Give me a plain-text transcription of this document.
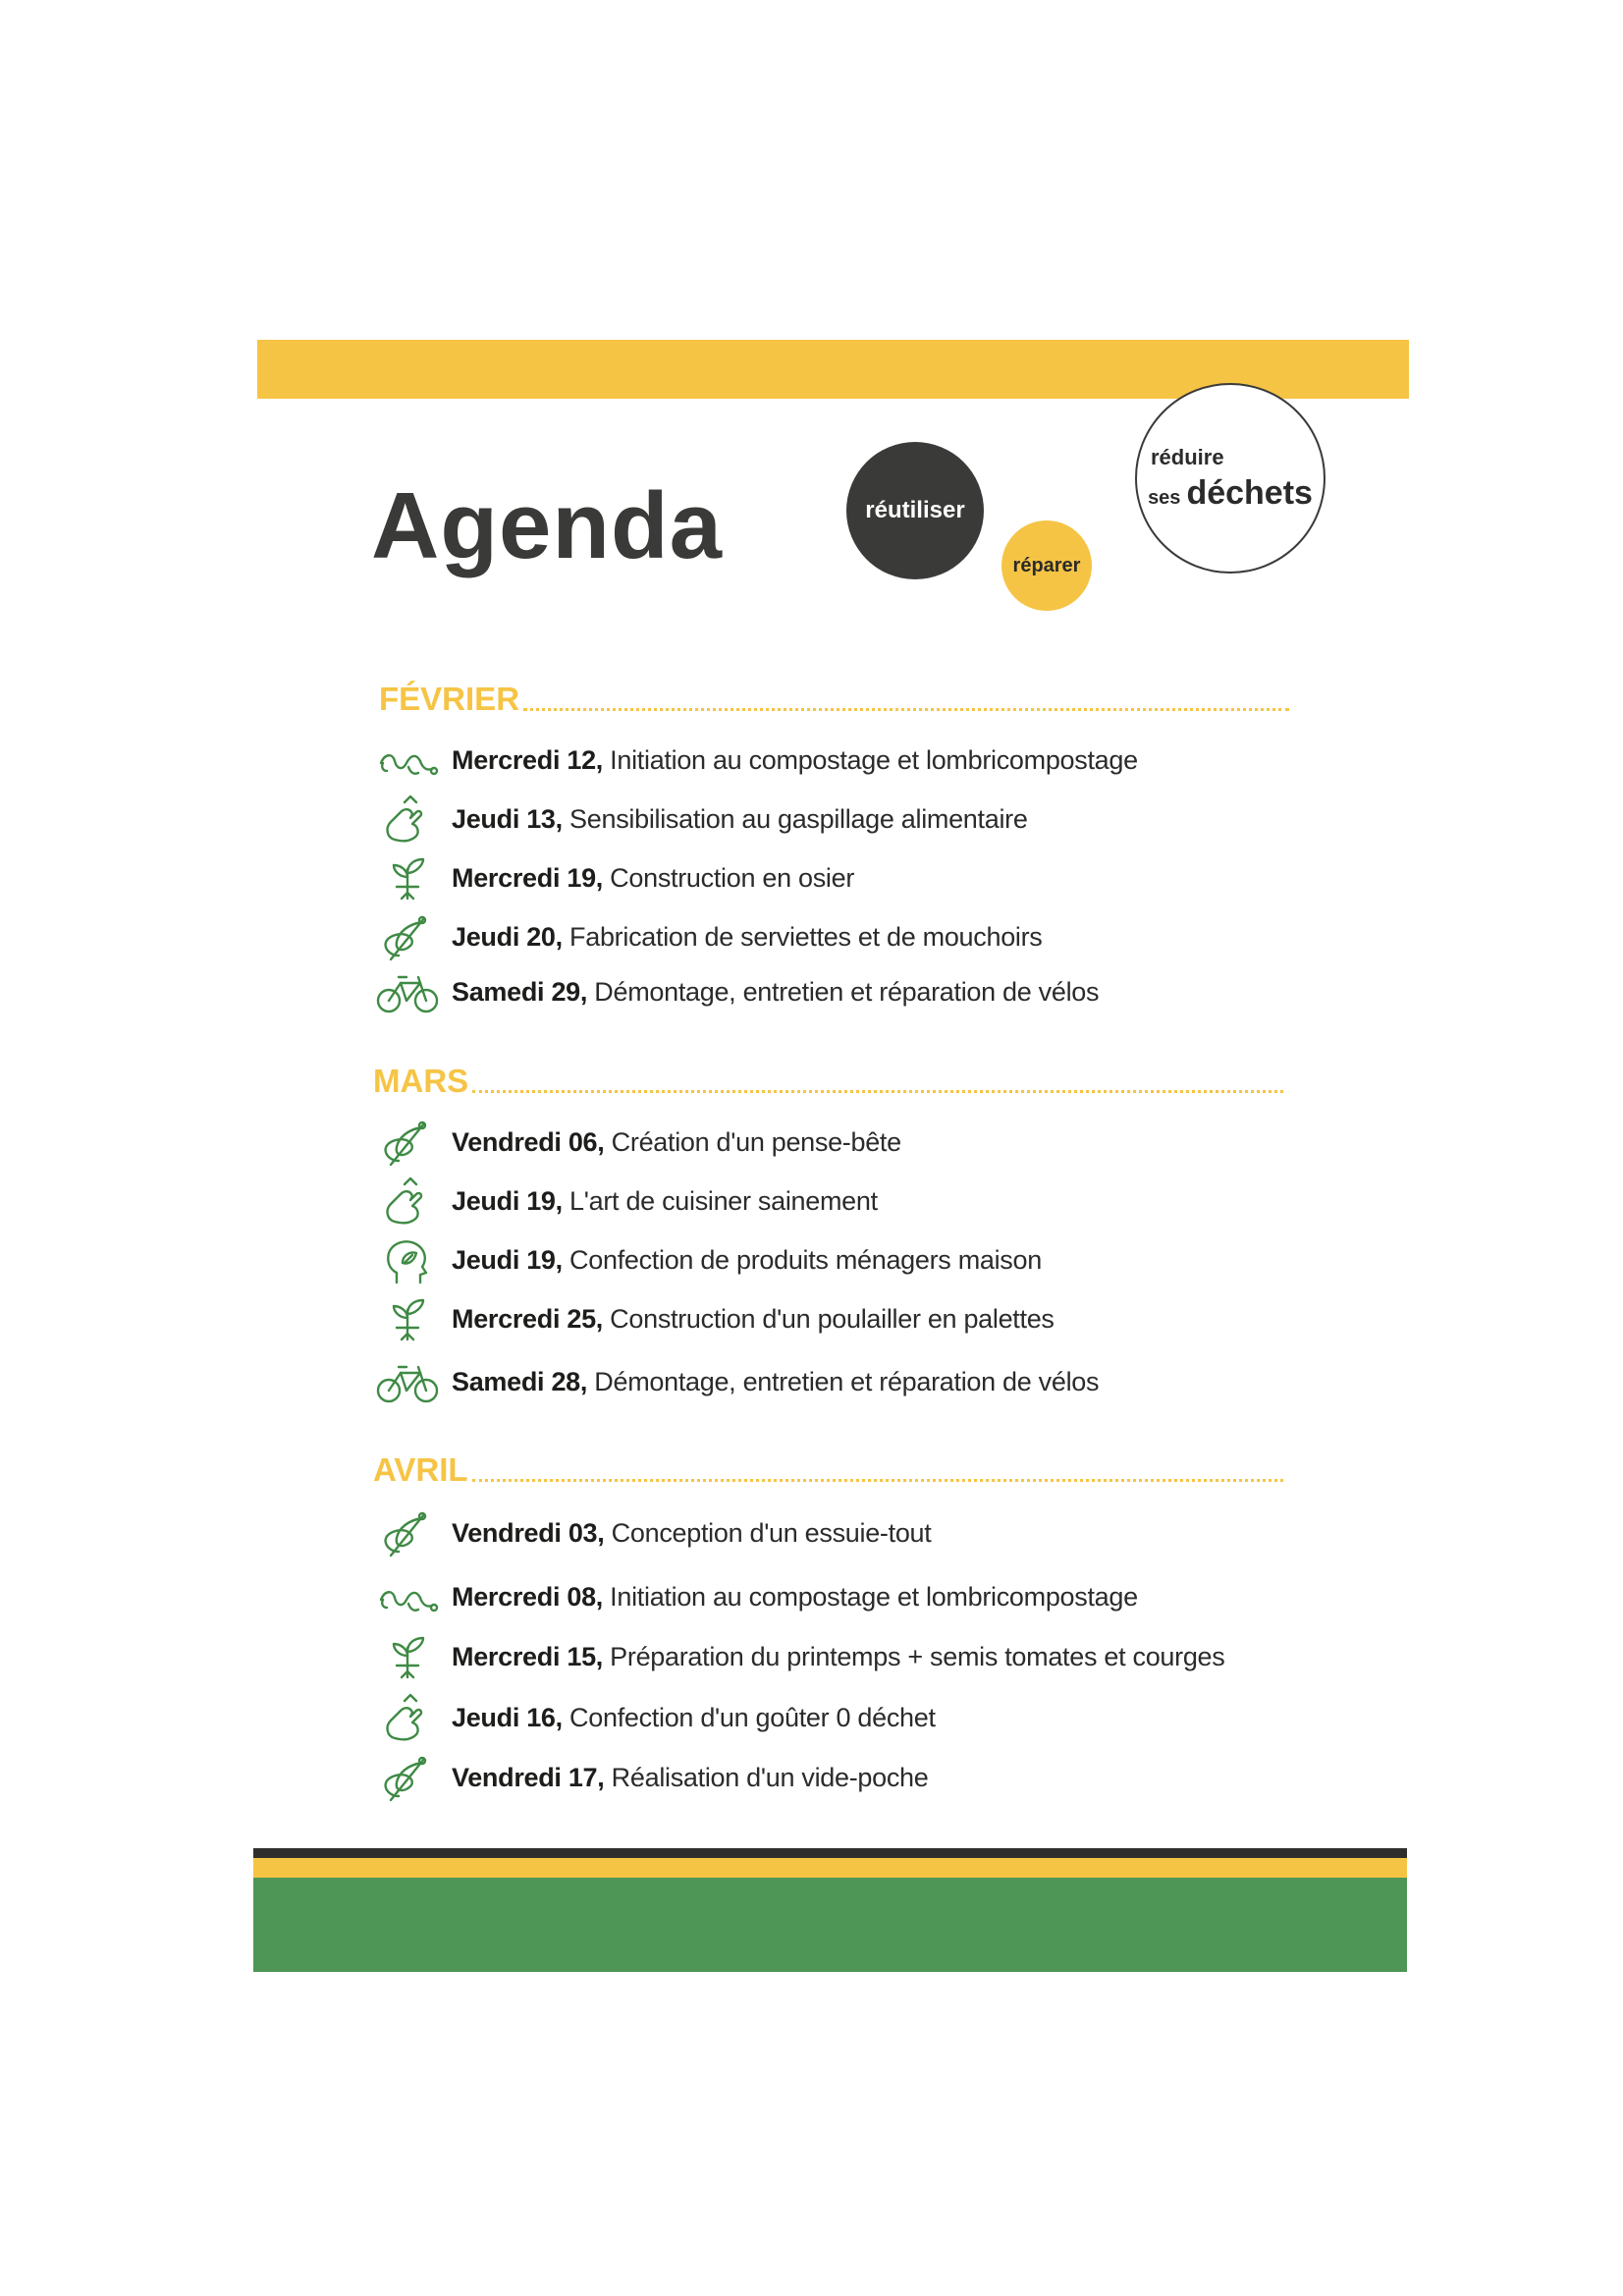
Agenda	réutiliser
réparer
réduire
ses déchets
FÉVRIER
Mercredi 12, Initiation au compostage et lombricompostage
Jeudi 13, Sensibilisation au gaspillage alimentaire
Mercredi 19, Construction en osier
Jeudi 20, Fabrication de serviettes et de mouchoirs
Samedi 29, Démontage, entretien et réparation de vélos
MARS
Vendredi 06, Création d'un pense-bête
Jeudi 19, L'art de cuisiner sainement
Jeudi 19, Confection de produits ménagers maison
Mercredi 25, Construction d'un poulailler en palettes
Samedi 28, Démontage, entretien et réparation de vélos
AVRIL
Vendredi 03, Conception d'un essuie-tout
Mercredi 08, Initiation au compostage et lombricompostage
Mercredi 15, Préparation du printemps + semis tomates et courges
Jeudi 16, Confection d'un goûter 0 déchet
Vendredi 17, Réalisation d'un vide-poche
